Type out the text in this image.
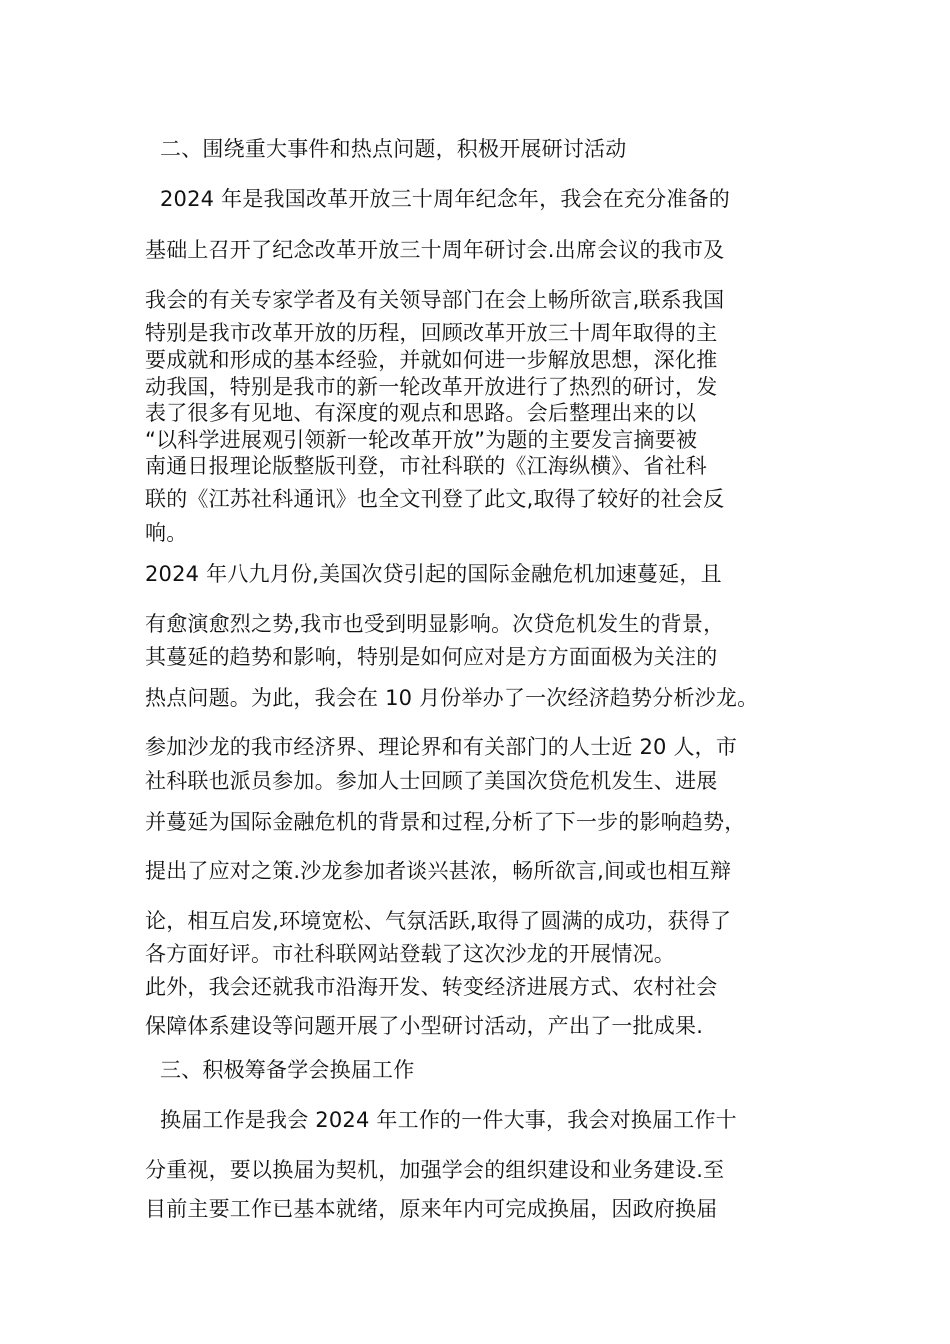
二、围绕重大事件和热点问题，积极开展研讨活动
2024 年是我国改革开放三十周年纪念年，我会在充分准备的
基础上召开了纪念改革开放三十周年研讨会.出席会议的我市及
我会的有关专家学者及有关领导部门在会上畅所欲言,联系我国
特别是我市改革开放的历程，回顾改革开放三十周年取得的主
要成就和形成的基本经验，并就如何进一步解放思想，深化推
动我国，特别是我市的新一轮改革开放进行了热烈的研讨，发
表了很多有见地、有深度的观点和思路。会后整理出来的以
“以科学进展观引领新一轮改革开放”为题的主要发言摘要被
南通日报理论版整版刊登，市社科联的《江海纵横》、省社科
联的《江苏社科通讯》也全文刊登了此文,取得了较好的社会反
响。
2024 年八九月份,美国次贷引起的国际金融危机加速蔓延，且
有愈演愈烈之势,我市也受到明显影响。次贷危机发生的背景，
其蔓延的趋势和影响，特别是如何应对是方方面面极为关注的
热点问题。为此，我会在 10 月份举办了一次经济趋势分析沙龙。
参加沙龙的我市经济界、理论界和有关部门的人士近 20 人，市
社科联也派员参加。参加人士回顾了美国次贷危机发生、进展
并蔓延为国际金融危机的背景和过程,分析了下一步的影响趋势，
提出了应对之策.沙龙参加者谈兴甚浓，畅所欲言,间或也相互辩
论，相互启发,环境宽松、气氛活跃,取得了圆满的成功，获得了
各方面好评。市社科联网站登载了这次沙龙的开展情况。
此外，我会还就我市沿海开发、转变经济进展方式、农村社会
保障体系建设等问题开展了小型研讨活动，产出了一批成果.
三、积极筹备学会换届工作
换届工作是我会 2024 年工作的一件大事，我会对换届工作十
分重视，要以换届为契机，加强学会的组织建设和业务建设.至
目前主要工作已基本就绪，原来年内可完成换届，因政府换届
